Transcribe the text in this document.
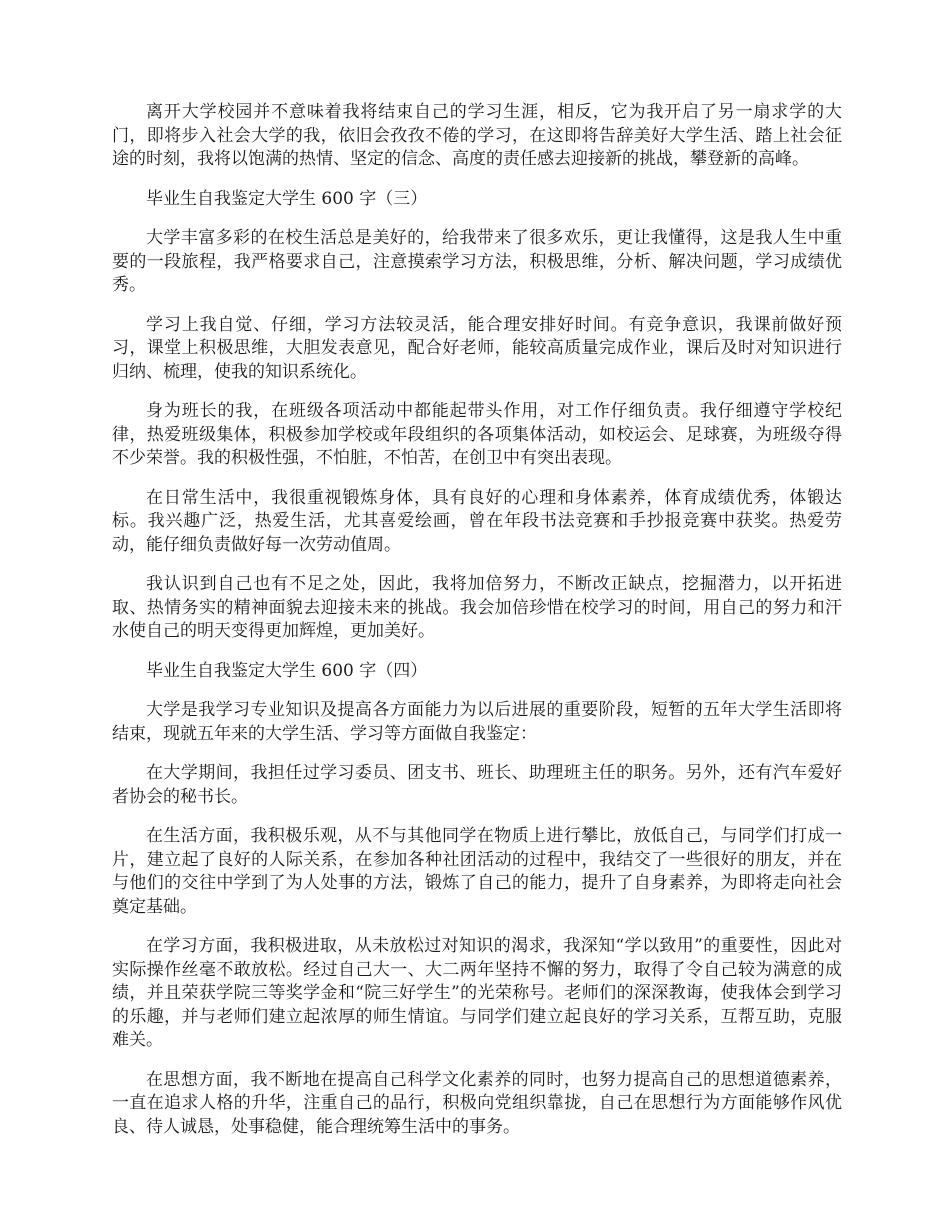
离开大学校园并不意味着我将结束自己的学习生涯，相反，它为我开启了另一扇求学的大门，即将步入社会大学的我，依旧会孜孜不倦的学习，在这即将告辞美好大学生活、踏上社会征途的时刻，我将以饱满的热情、坚定的信念、高度的责任感去迎接新的挑战，攀登新的高峰。

毕业生自我鉴定大学生 600 字（三）

大学丰富多彩的在校生活总是美好的，给我带来了很多欢乐，更让我懂得，这是我人生中重要的一段旅程，我严格要求自己，注意摸索学习方法，积极思维，分析、解决问题，学习成绩优秀。

学习上我自觉、仔细，学习方法较灵活，能合理安排好时间。有竞争意识，我课前做好预习，课堂上积极思维，大胆发表意见，配合好老师，能较高质量完成作业，课后及时对知识进行归纳、梳理，使我的知识系统化。

身为班长的我，在班级各项活动中都能起带头作用，对工作仔细负责。我仔细遵守学校纪律，热爱班级集体，积极参加学校或年段组织的各项集体活动，如校运会、足球赛，为班级夺得不少荣誉。我的积极性强，不怕脏，不怕苦，在创卫中有突出表现。

在日常生活中，我很重视锻炼身体，具有良好的心理和身体素养，体育成绩优秀，体锻达标。我兴趣广泛，热爱生活，尤其喜爱绘画，曾在年段书法竞赛和手抄报竞赛中获奖。热爱劳动，能仔细负责做好每一次劳动值周。

我认识到自己也有不足之处，因此，我将加倍努力，不断改正缺点，挖掘潜力，以开拓进取、热情务实的精神面貌去迎接未来的挑战。我会加倍珍惜在校学习的时间，用自己的努力和汗水使自己的明天变得更加辉煌，更加美好。

毕业生自我鉴定大学生 600 字（四）

大学是我学习专业知识及提高各方面能力为以后进展的重要阶段，短暂的五年大学生活即将结束，现就五年来的大学生活、学习等方面做自我鉴定：

在大学期间，我担任过学习委员、团支书、班长、助理班主任的职务。另外，还有汽车爱好者协会的秘书长。

在生活方面，我积极乐观，从不与其他同学在物质上进行攀比，放低自己，与同学们打成一片，建立起了良好的人际关系，在参加各种社团活动的过程中，我结交了一些很好的朋友，并在与他们的交往中学到了为人处事的方法，锻炼了自己的能力，提升了自身素养，为即将走向社会奠定基础。

在学习方面，我积极进取，从未放松过对知识的渴求，我深知“学以致用”的重要性，因此对实际操作丝毫不敢放松。经过自己大一、大二两年坚持不懈的努力，取得了令自己较为满意的成绩，并且荣获学院三等奖学金和“院三好学生”的光荣称号。老师们的深深教诲，使我体会到学习的乐趣，并与老师们建立起浓厚的师生情谊。与同学们建立起良好的学习关系，互帮互助，克服难关。

在思想方面，我不断地在提高自己科学文化素养的同时，也努力提高自己的思想道德素养，一直在追求人格的升华，注重自己的品行，积极向党组织靠拢，自己在思想行为方面能够作风优良、待人诚恳，处事稳健，能合理统筹生活中的事务。
